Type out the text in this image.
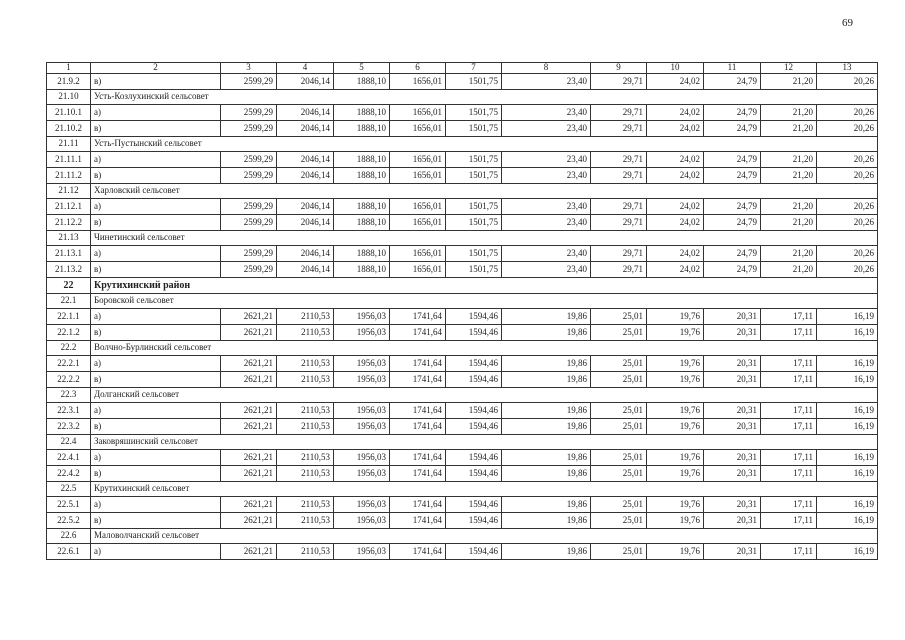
69
1	2	3	4	5	6	7	8	9	10	11	12	13
21.9.2	в)	2599,29	2046,14	1888,10	1656,01	1501,75	23,40	29,71	24,02	24,79	21,20	20,26
21.10	Усть-Козлухинский сельсовет											
21.10.1	а)	2599,29	2046,14	1888,10	1656,01	1501,75	23,40	29,71	24,02	24,79	21,20	20,26
21.10.2	в)	2599,29	2046,14	1888,10	1656,01	1501,75	23,40	29,71	24,02	24,79	21,20	20,26
21.11	Усть-Пустынский сельсовет											
21.11.1	а)	2599,29	2046,14	1888,10	1656,01	1501,75	23,40	29,71	24,02	24,79	21,20	20,26
21.11.2	в)	2599,29	2046,14	1888,10	1656,01	1501,75	23,40	29,71	24,02	24,79	21,20	20,26
21.12	Харловский сельсовет											
21.12.1	а)	2599,29	2046,14	1888,10	1656,01	1501,75	23,40	29,71	24,02	24,79	21,20	20,26
21.12.2	в)	2599,29	2046,14	1888,10	1656,01	1501,75	23,40	29,71	24,02	24,79	21,20	20,26
21.13	Чинетинский сельсовет											
21.13.1	а)	2599,29	2046,14	1888,10	1656,01	1501,75	23,40	29,71	24,02	24,79	21,20	20,26
21.13.2	в)	2599,29	2046,14	1888,10	1656,01	1501,75	23,40	29,71	24,02	24,79	21,20	20,26
22	Крутихинский район											
22.1	Боровской сельсовет											
22.1.1	а)	2621,21	2110,53	1956,03	1741,64	1594,46	19,86	25,01	19,76	20,31	17,11	16,19
22.1.2	в)	2621,21	2110,53	1956,03	1741,64	1594,46	19,86	25,01	19,76	20,31	17,11	16,19
22.2	Волчно-Бурлинский сельсовет											
22.2.1	а)	2621,21	2110,53	1956,03	1741,64	1594,46	19,86	25,01	19,76	20,31	17,11	16,19
22.2.2	в)	2621,21	2110,53	1956,03	1741,64	1594,46	19,86	25,01	19,76	20,31	17,11	16,19
22.3	Долганский сельсовет											
22.3.1	а)	2621,21	2110,53	1956,03	1741,64	1594,46	19,86	25,01	19,76	20,31	17,11	16,19
22.3.2	в)	2621,21	2110,53	1956,03	1741,64	1594,46	19,86	25,01	19,76	20,31	17,11	16,19
22.4	Заковряшинский сельсовет											
22.4.1	а)	2621,21	2110,53	1956,03	1741,64	1594,46	19,86	25,01	19,76	20,31	17,11	16,19
22.4.2	в)	2621,21	2110,53	1956,03	1741,64	1594,46	19,86	25,01	19,76	20,31	17,11	16,19
22.5	Крутихинский сельсовет											
22.5.1	а)	2621,21	2110,53	1956,03	1741,64	1594,46	19,86	25,01	19,76	20,31	17,11	16,19
22.5.2	в)	2621,21	2110,53	1956,03	1741,64	1594,46	19,86	25,01	19,76	20,31	17,11	16,19
22.6	Маловолчанский сельсовет											
22.6.1	а)	2621,21	2110,53	1956,03	1741,64	1594,46	19,86	25,01	19,76	20,31	17,11	16,19
